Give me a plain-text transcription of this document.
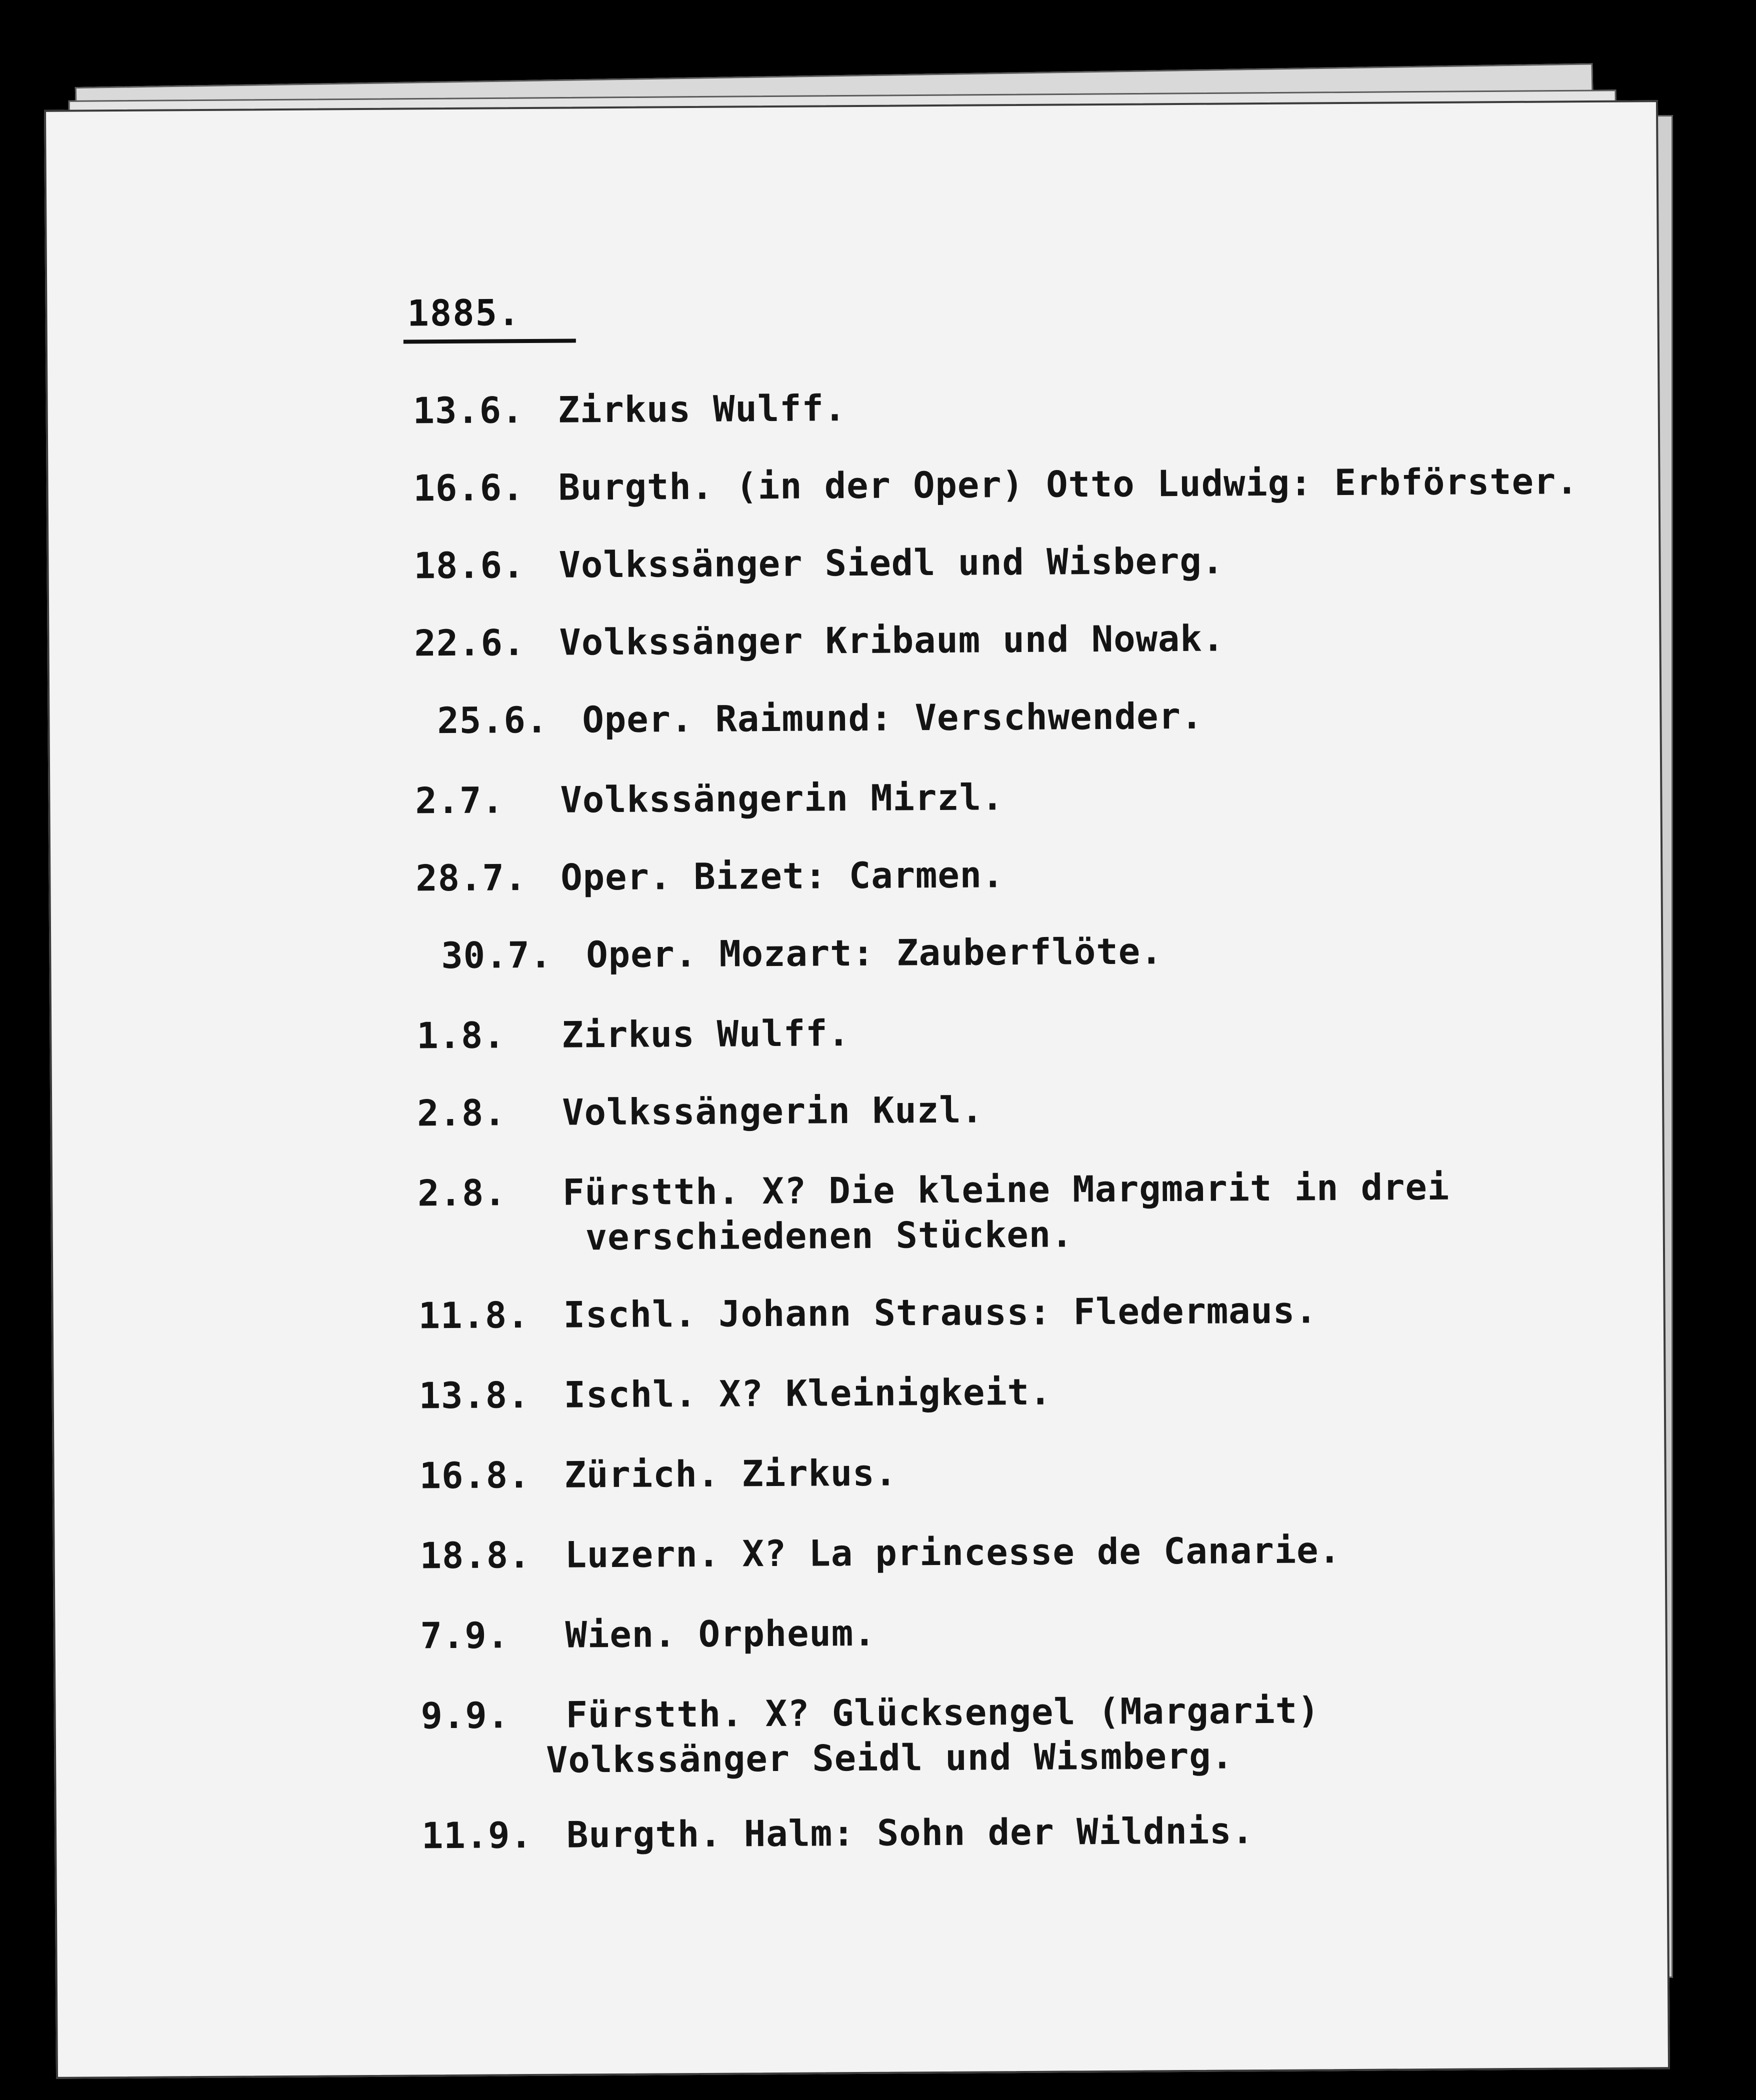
1885.
13.6. Zirkus Wulff.
16.6. Burgth. (in der Oper) Otto Ludwig: Erbförster.
18.6. Volkssänger Siedl und Wisberg.
22.6. Volkssänger Kribaum und Nowak.
25.6. Oper. Raimund: Verschwender.
2.7. Volkssängerin Mirzl.
28.7. Oper. Bizet: Carmen.
30.7. Oper. Mozart: Zauberflöte.
1.8. Zirkus Wulff.
2.8. Volkssängerin Kuzl.
2.8. Fürstth. X? Die kleine Margmarit in drei
verschiedenen Stücken.
11.8. Ischl. Johann Strauss: Fledermaus.
13.8. Ischl. X? Kleinigkeit.
16.8. Zürich. Zirkus.
18.8. Luzern. X? La princesse de Canarie.
7.9. Wien. Orpheum.
9.9. Fürstth. X? Glücksengel (Margarit)
Volkssänger Seidl und Wismberg.
11.9. Burgth. Halm: Sohn der Wildnis.
